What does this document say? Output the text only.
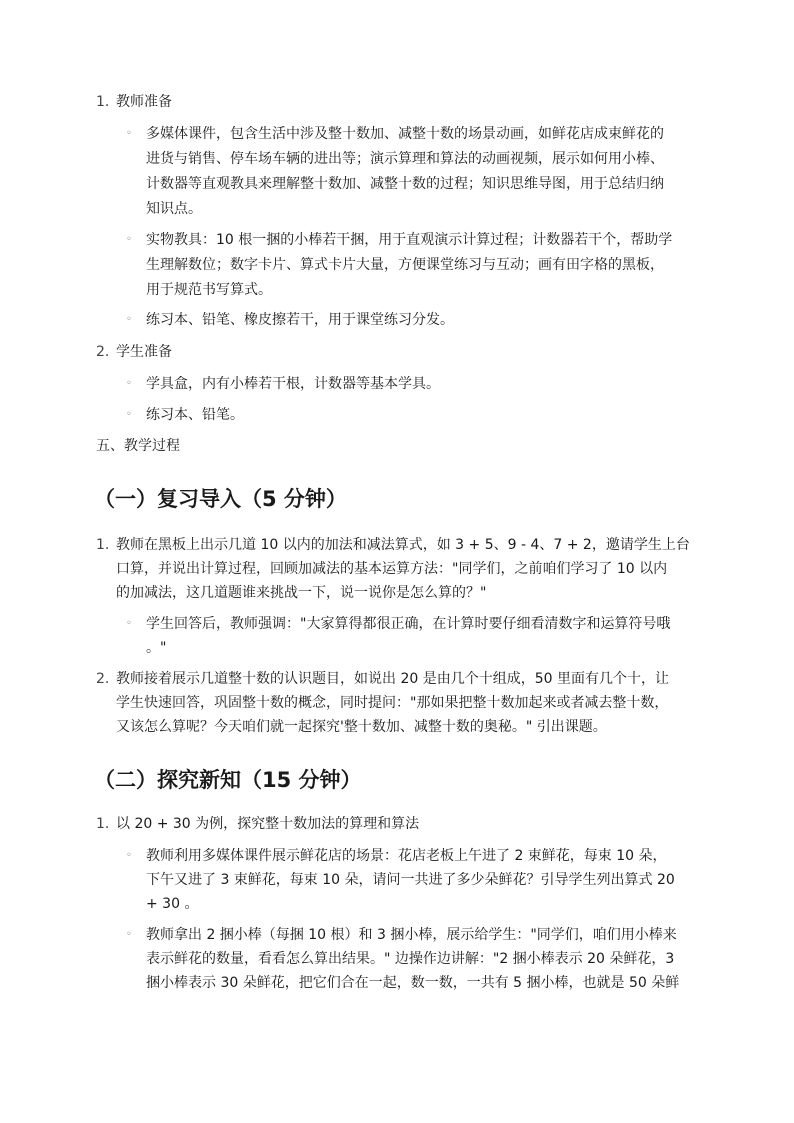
1. 教师准备
◦ 多媒体课件，包含生活中涉及整十数加、减整十数的场景动画，如鲜花店成束鲜花的
进货与销售、停车场车辆的进出等；演示算理和算法的动画视频，展示如何用小棒、
计数器等直观教具来理解整十数加、减整十数的过程；知识思维导图，用于总结归纳
知识点。
◦ 实物教具：10 根一捆的小棒若干捆，用于直观演示计算过程；计数器若干个，帮助学
生理解数位；数字卡片、算式卡片大量，方便课堂练习与互动；画有田字格的黑板，
用于规范书写算式。
◦ 练习本、铅笔、橡皮擦若干，用于课堂练习分发。
2. 学生准备
◦ 学具盒，内有小棒若干根，计数器等基本学具。
◦ 练习本、铅笔。
五、教学过程
（一）复习导入（5 分钟）
1. 教师在黑板上出示几道 10 以内的加法和减法算式，如 3 + 5、9 - 4、7 + 2，邀请学生上台
口算，并说出计算过程，回顾加减法的基本运算方法："同学们，之前咱们学习了 10 以内
的加减法，这几道题谁来挑战一下，说一说你是怎么算的？"
◦ 学生回答后，教师强调："大家算得都很正确，在计算时要仔细看清数字和运算符号哦
。"
2. 教师接着展示几道整十数的认识题目，如说出 20 是由几个十组成，50 里面有几个十，让
学生快速回答，巩固整十数的概念，同时提问："那如果把整十数加起来或者减去整十数，
又该怎么算呢？今天咱们就一起探究'整十数加、减整十数的奥秘。" 引出课题。
（二）探究新知（15 分钟）
1. 以 20 + 30 为例，探究整十数加法的算理和算法
◦ 教师利用多媒体课件展示鲜花店的场景：花店老板上午进了 2 束鲜花，每束 10 朵，
下午又进了 3 束鲜花，每束 10 朵，请问一共进了多少朵鲜花？引导学生列出算式 20
+ 30 。
◦ 教师拿出 2 捆小棒（每捆 10 根）和 3 捆小棒，展示给学生："同学们，咱们用小棒来
表示鲜花的数量，看看怎么算出结果。" 边操作边讲解："2 捆小棒表示 20 朵鲜花，3
捆小棒表示 30 朵鲜花，把它们合在一起，数一数，一共有 5 捆小棒，也就是 50 朵鲜
